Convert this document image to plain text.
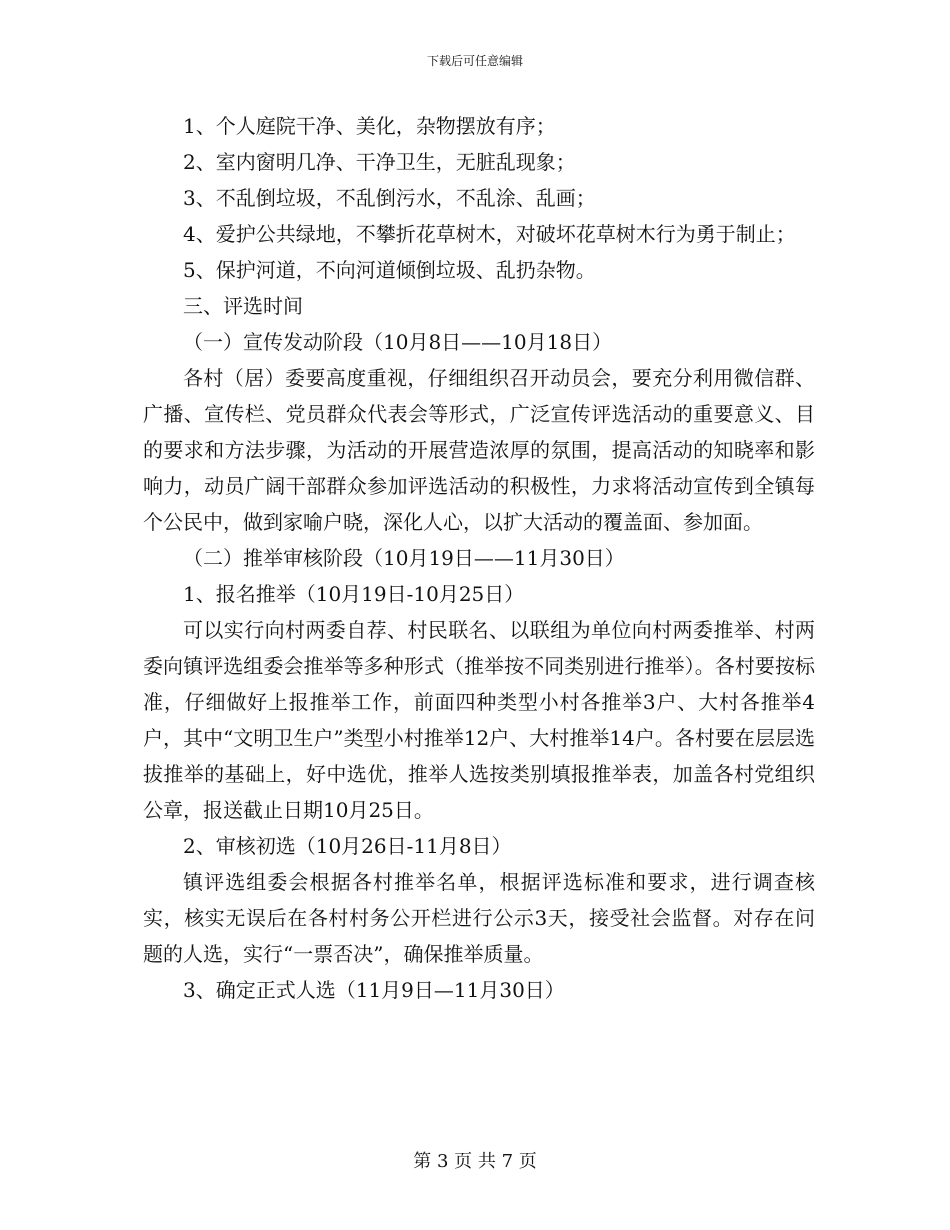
下载后可任意编辑

1、个人庭院干净、美化，杂物摆放有序；

2、室内窗明几净、干净卫生，无脏乱现象；

3、不乱倒垃圾，不乱倒污水，不乱涂、乱画；

4、爱护公共绿地，不攀折花草树木，对破坏花草树木行为勇于制止；

5、保护河道，不向河道倾倒垃圾、乱扔杂物。

三、评选时间

（一）宣传发动阶段（10月8日——10月18日）

各村（居）委要高度重视，仔细组织召开动员会，要充分利用微信群、广播、宣传栏、党员群众代表会等形式，广泛宣传评选活动的重要意义、目的要求和方法步骤，为活动的开展营造浓厚的氛围，提高活动的知晓率和影响力，动员广阔干部群众参加评选活动的积极性，力求将活动宣传到全镇每个公民中，做到家喻户晓，深化人心，以扩大活动的覆盖面、参加面。

（二）推举审核阶段（10月19日——11月30日）

1、报名推举（10月19日-10月25日）

可以实行向村两委自荐、村民联名、以联组为单位向村两委推举、村两委向镇评选组委会推举等多种形式（推举按不同类别进行推举）。各村要按标准，仔细做好上报推举工作，前面四种类型小村各推举3户、大村各推举4户，其中“文明卫生户”类型小村推举12户、大村推举14户。各村要在层层选拔推举的基础上，好中选优，推举人选按类别填报推举表，加盖各村党组织公章，报送截止日期10月25日。

2、审核初选（10月26日-11月8日）

镇评选组委会根据各村推举名单，根据评选标准和要求，进行调查核实，核实无误后在各村村务公开栏进行公示3天，接受社会监督。对存在问题的人选，实行“一票否决”，确保推举质量。

3、确定正式人选（11月9日—11月30日）

第 3 页 共 7 页
